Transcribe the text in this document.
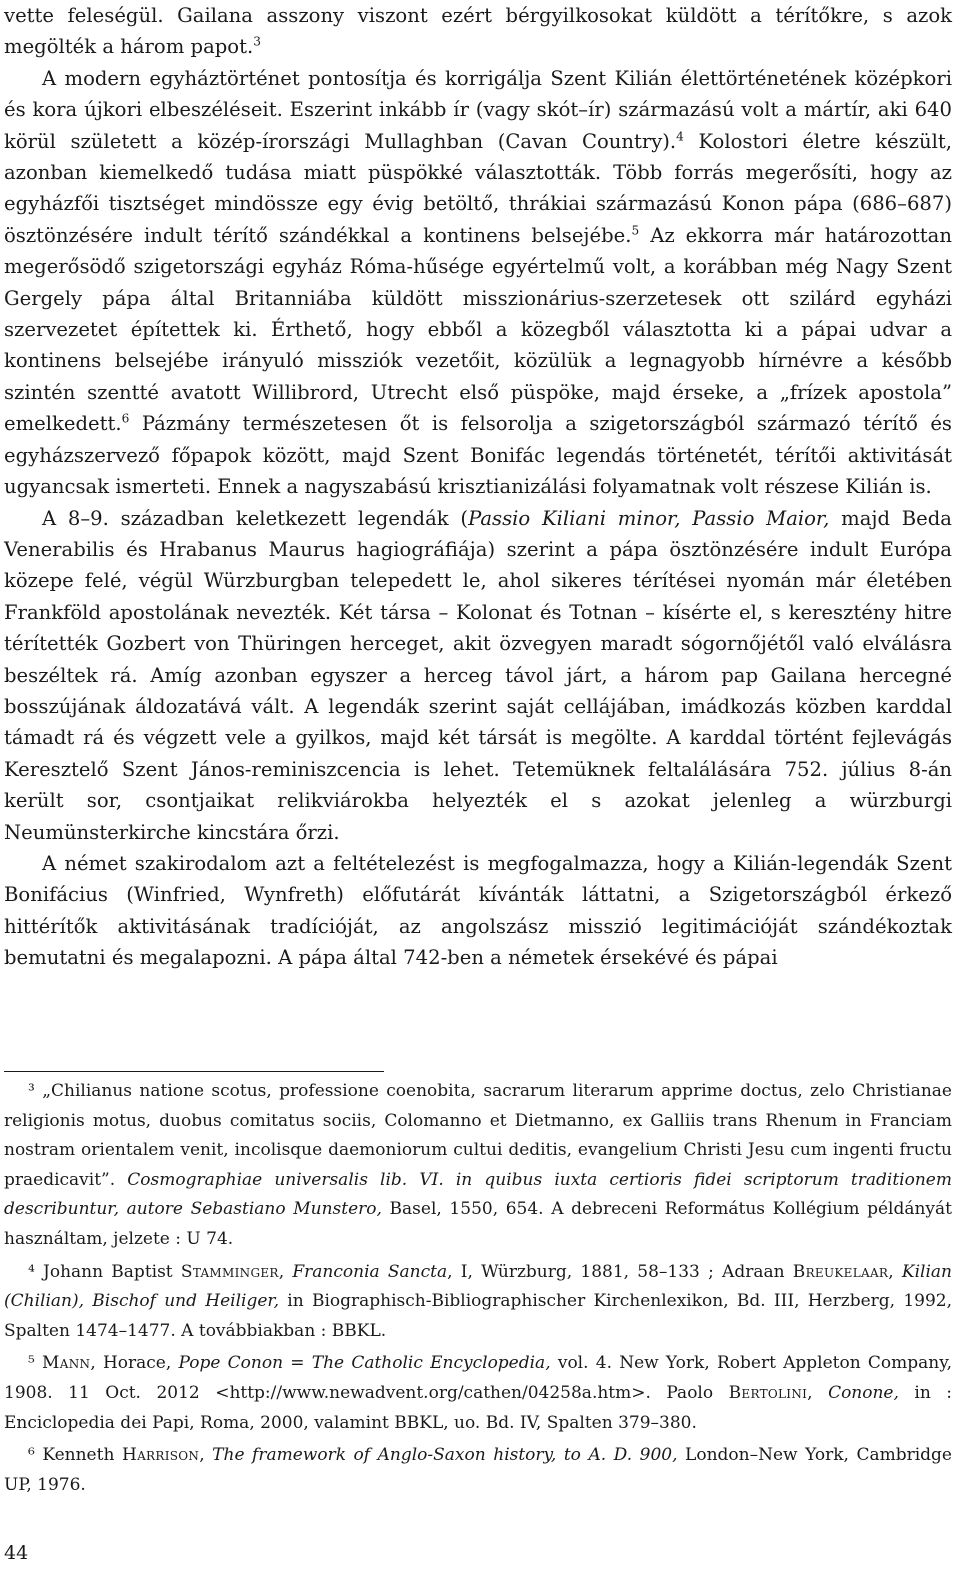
vette feleségül. Gailana asszony viszont ezért bérgyilkosokat küldött a térítőkre, s azok megölték a három papot.$^3$

A modern egyháztörténet pontosítja és korrigálja Szent Kilián élettörténetének középkori és kora újkori elbeszéléseit. Eszerint inkább ír (vagy skót–ír) származású volt a mártír, aki 640 körül született a közép-írországi Mullaghban (Cavan Country).$^4$ Kolostori életre készült, azonban kiemelkedő tudása miatt püspökké választották. Több forrás megerősíti, hogy az egyházfői tisztséget mindössze egy évig betöltő, thrákiai származású Konon pápa (686–687) ösztönzésére indult térítő szándékkal a kontinens belsejébe.$^5$ Az ekkorra már határozottan megerősödő szigetországi egyház Róma-hűsége egyértelmű volt, a korábban még Nagy Szent Gergely pápa által Britanniába küldött misszionárius-szerzetesek ott szilárd egyházi szervezetet építettek ki. Érthető, hogy ebből a közegből választotta ki a pápai udvar a kontinens belsejébe irányuló missziók vezetőit, közülük a legnagyobb hírnévre a később szintén szentté avatott Willibrord, Utrecht első püspöke, majd érseke, a „frízek apostola” emelkedett.$^6$ Pázmány természetesen őt is felsorolja a szigetországból származó térítő és egyházszervező főpapok között, majd Szent Bonifác legendás történetét, térítői aktivitását ugyancsak ismerteti. Ennek a nagyszabású krisztianizálási folyamatnak volt részese Kilián is.

A 8–9. században keletkezett legendák (Passio Kiliani minor, Passio Maior, majd Beda Venerabilis és Hrabanus Maurus hagiográfiája) szerint a pápa ösztönzésére indult Európa közepe felé, végül Würzburgban telepedett le, ahol sikeres térítései nyomán már életében Frankföld apostolának nevezték. Két társa – Kolonat és Totnan – kísérte el, s keresztény hitre térítették Gozbert von Thüringen herceget, akit özvegyen maradt sógornőjétől való elválásra beszéltek rá. Amíg azonban egyszer a herceg távol járt, a három pap Gailana hercegné bosszújának áldozatává vált. A legendák szerint saját cellájában, imádkozás közben karddal támadt rá és végzett vele a gyilkos, majd két társát is megölte. A karddal történt fejlevágás Keresztelő Szent János-reminiszcencia is lehet. Tetemüknek feltalálására 752. július 8-án került sor, csontjaikat relikviárokba helyezték el s azokat jelenleg a würzburgi Neumünsterkirche kincstára őrzi.

A német szakirodalom azt a feltételezést is megfogalmazza, hogy a Kilián-legendák Szent Bonifácius (Winfried, Wynfreth) előfutárát kívánták láttatni, a Szigetországból érkező hittérítők aktivitásának tradícióját, az angolszász misszió legitimációját szándékoztak bemutatni és megalapozni. A pápa által 742-ben a németek érsekévé és pápai

³ „Chilianus natione scotus, professione coenobita, sacrarum literarum apprime doctus, zelo Christianae religionis motus, duobus comitatus sociis, Colomanno et Dietmanno, ex Galliis trans Rhenum in Franciam nostram orientalem venit, incolisque daemoniorum cultui deditis, evangelium Christi Jesu cum ingenti fructu praedicavit”. Cosmographiae universalis lib. VI. in quibus iuxta certioris fidei scriptorum traditionem describuntur, autore Sebastiano Munstero, Basel, 1550, 654. A debreceni Református Kollégium példányát használtam, jelzete : U 74.

⁴ Johann Baptist Stamminger, Franconia Sancta, I, Würzburg, 1881, 58–133 ; Adraan Breukelaar, Kilian (Chilian), Bischof und Heiliger, in Biographisch-Bibliographischer Kirchenlexikon, Bd. III, Herzberg, 1992, Spalten 1474–1477. A továbbiakban : BBKL.

⁵ Mann, Horace, Pope Conon = The Catholic Encyclopedia, vol. 4. New York, Robert Appleton Company, 1908. 11 Oct. 2012 <http://www.newadvent.org/cathen/04258a.htm>. Paolo Bertolini, Conone, in : Enciclopedia dei Papi, Roma, 2000, valamint BBKL, uo. Bd. IV, Spalten 379–380.

⁶ Kenneth Harrison, The framework of Anglo-Saxon history, to A. D. 900, London–New York, Cambridge UP, 1976.

44
